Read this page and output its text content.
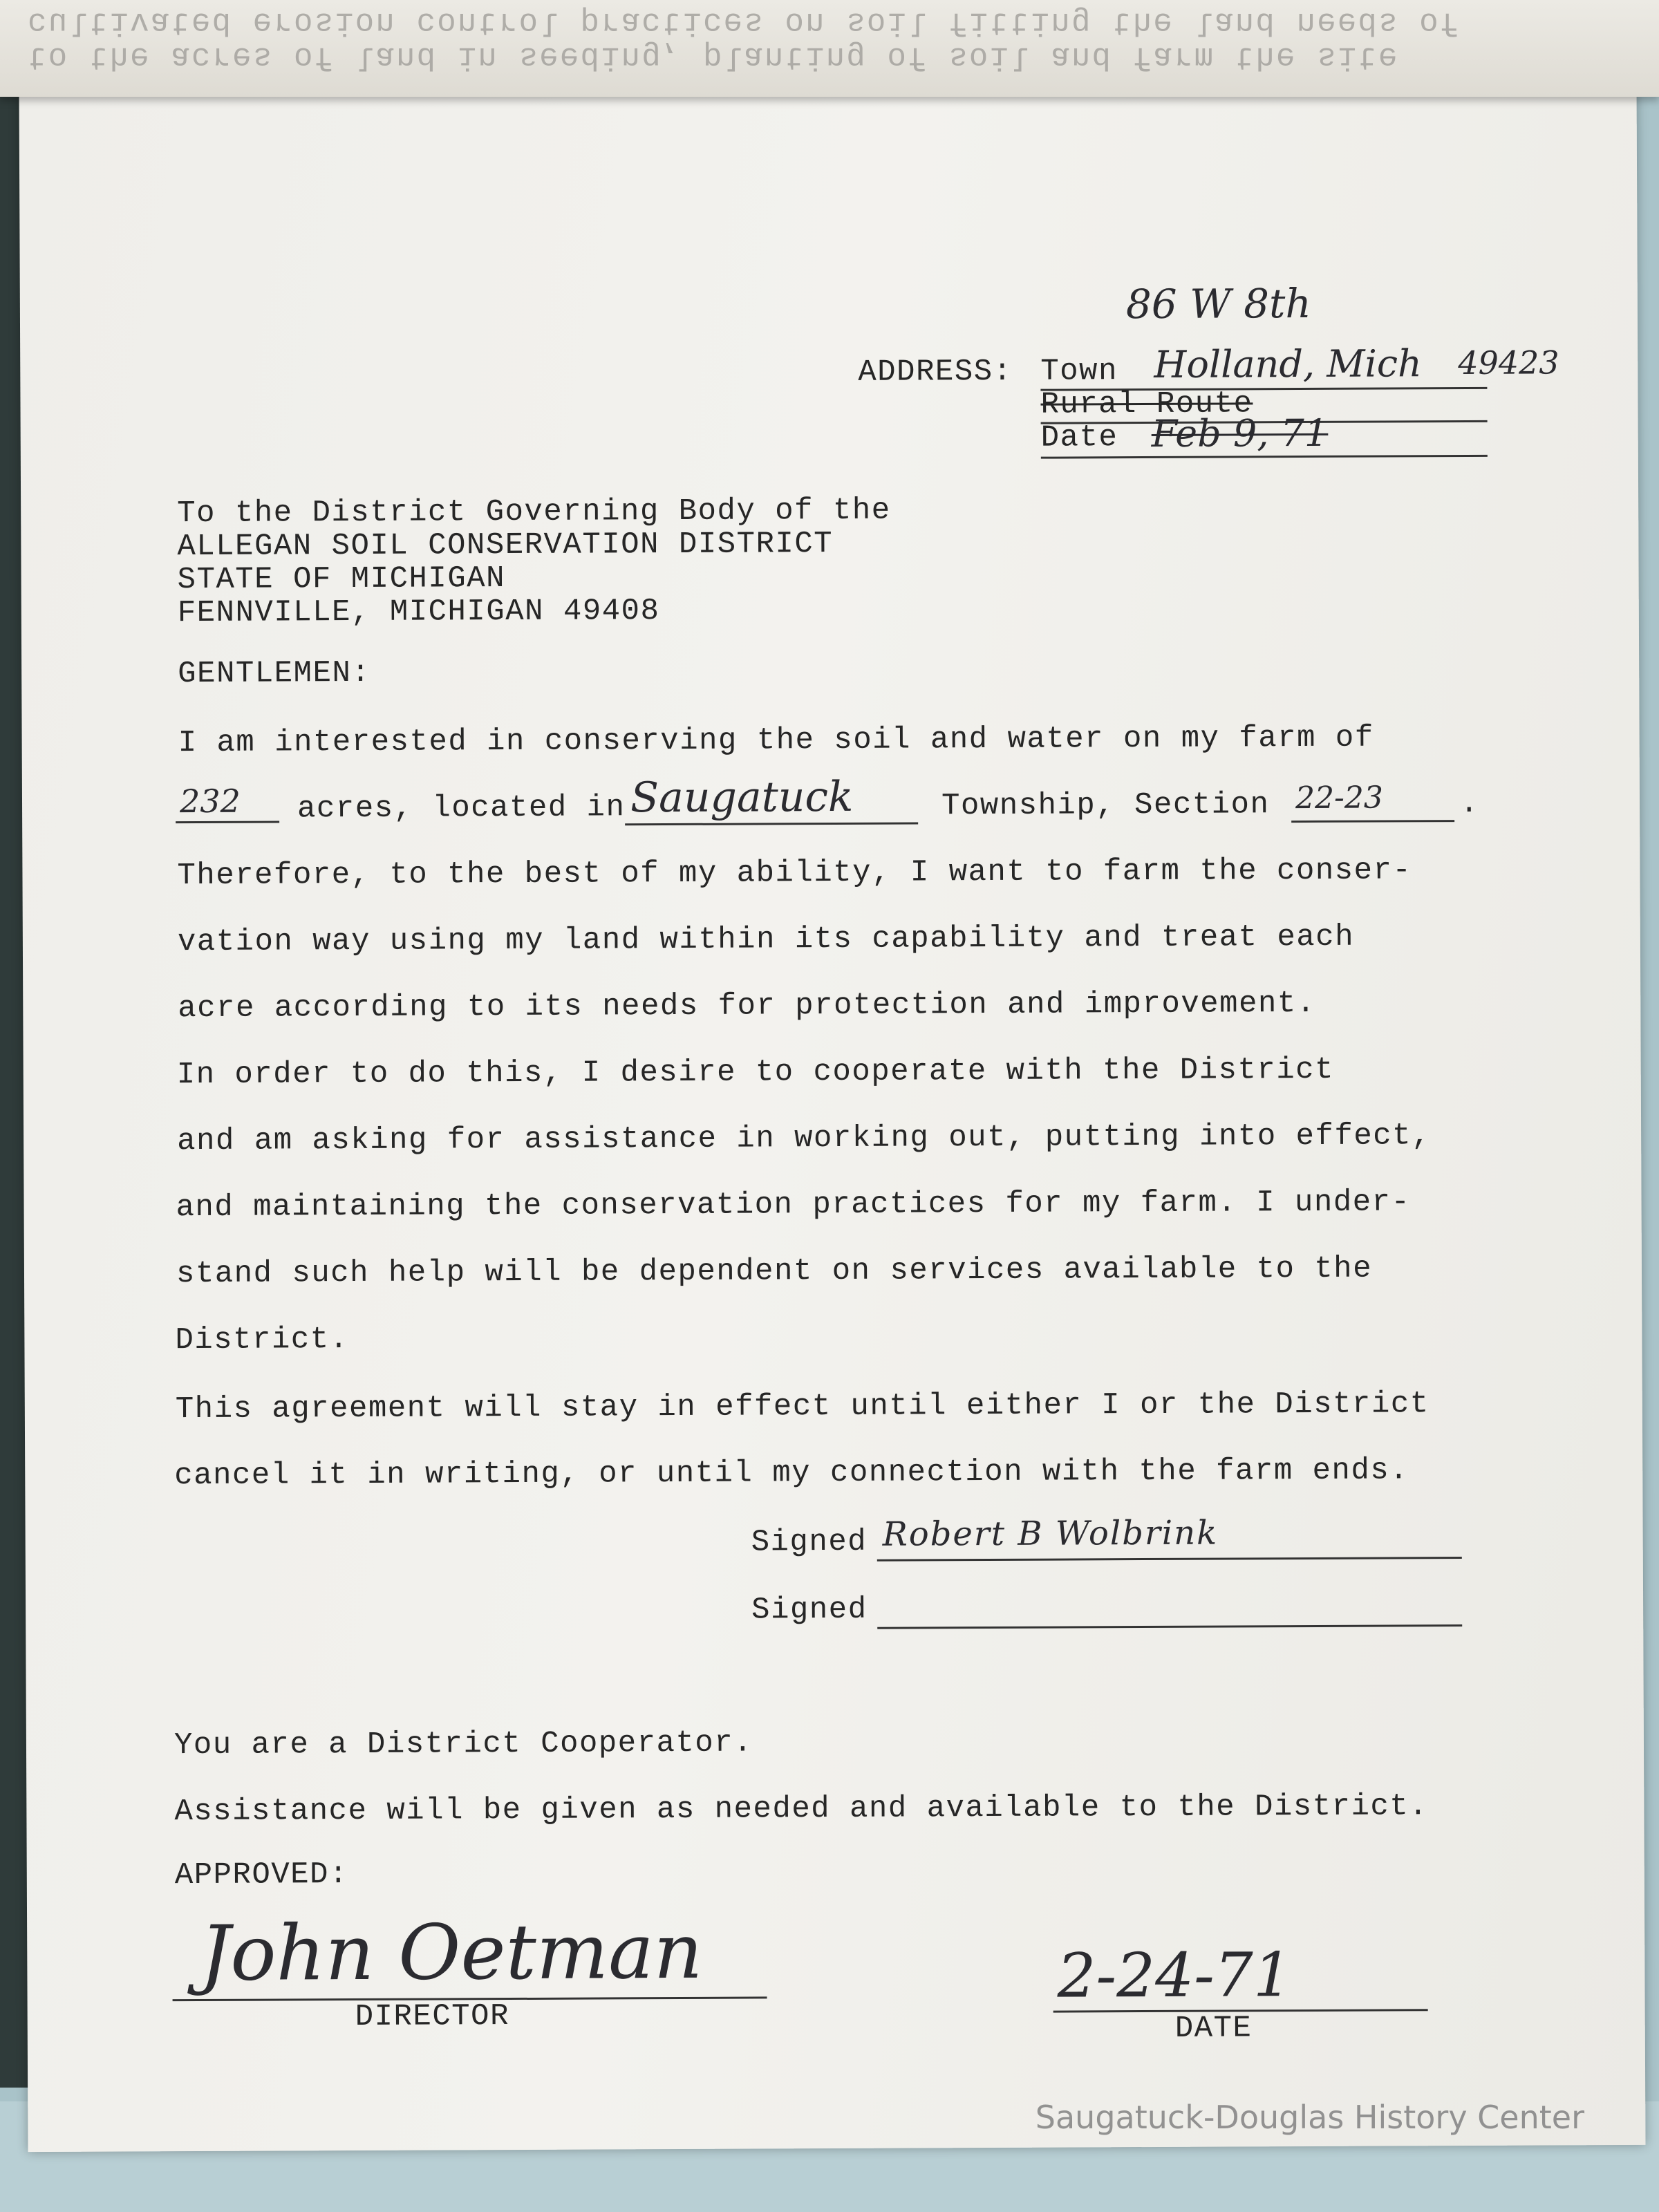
cultivated erosion control practices on soil fitting the land needs of
to the acres of land in seeding, planting of soil and farm the site
86 W 8th
ADDRESS: Town Holland, Mich 49423
Rural Route
Date Feb 9, 71
To the District Governing Body of the
ALLEGAN SOIL CONSERVATION DISTRICT
STATE OF MICHIGAN
FENNVILLE, MICHIGAN 49408
GENTLEMEN:
I am interested in conserving the soil and water on my farm of
232 acres, located in Saugatuck	Township, Section 22-23	.
Therefore, to the best of my ability, I want to farm the conser-
vation way using my land within its capability and treat each
acre according to its needs for protection and improvement.
In order to do this, I desire to cooperate with the District
and am asking for assistance in working out, putting into effect,
and maintaining the conservation practices for my farm. I under-
stand such help will be dependent on services available to the
District.
This agreement will stay in effect until either I or the District
cancel it in writing, or until my connection with the farm ends.
Signed Robert B Wolbrink
Signed
You are a District Cooperator.
Assistance will be given as needed and available to the District.
APPROVED:
John Oetman
DIRECTOR
2-24-71
DATE
Saugatuck-Douglas History Center
